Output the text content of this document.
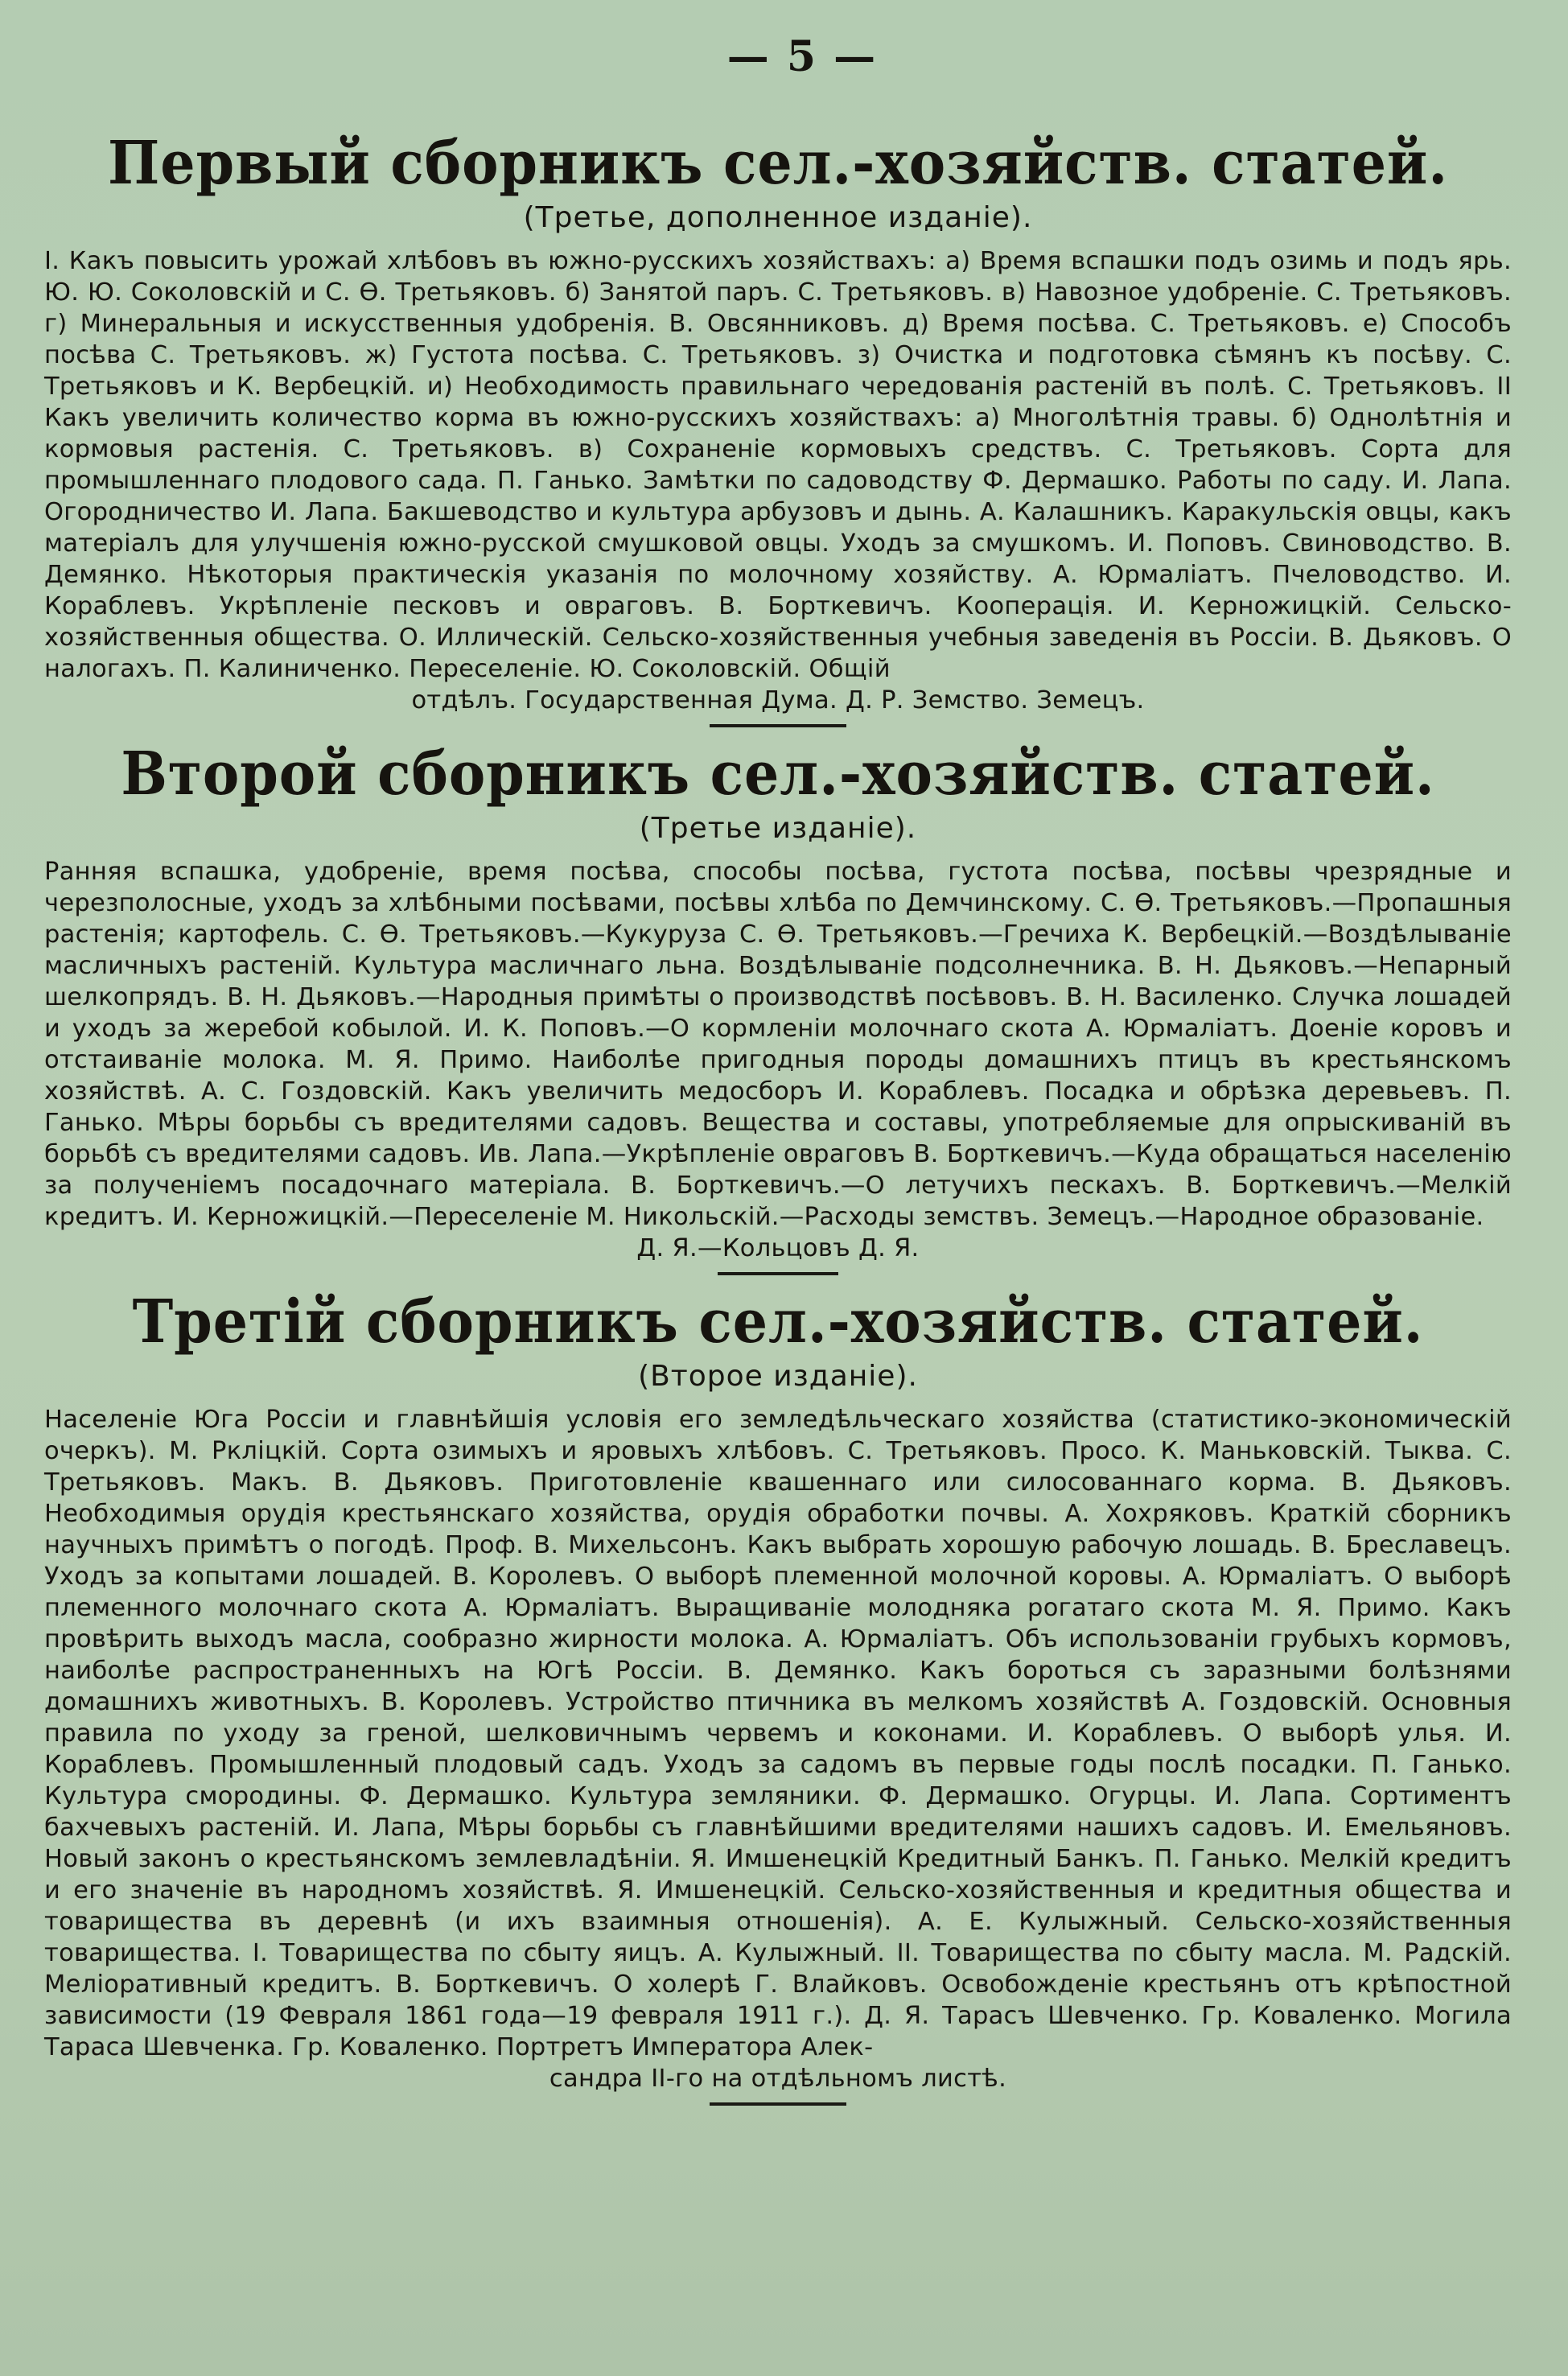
— 5 —
Первый сборникъ сел.-хозяйств. статей.
(Третье, дополненное изданіе).

I. Какъ повысить урожай хлѣбовъ въ южно-русскихъ хозяйствахъ: а) Время вспашки подъ озимь и подъ ярь. Ю. Ю. Соколовскій и С. Ѳ. Третьяковъ. б) Занятой паръ. С. Третьяковъ. в) Навозное удобреніе. С. Третьяковъ. г) Минеральныя и искусственныя удобренія. В. Овсянниковъ. д) Время посѣва. С. Третьяковъ. е) Способъ посѣва С. Третьяковъ. ж) Густота посѣва. С. Третьяковъ. з) Очистка и подготовка сѣмянъ къ посѣву. С. Третьяковъ и К. Вербецкій. и) Необходимость правильнаго чередованія растеній въ полѣ. С. Третьяковъ. II Какъ увеличить количество корма въ южно-русскихъ хозяйствахъ: а) Многолѣтнія травы. б) Однолѣтнія и кормовыя растенія. С. Третьяковъ. в) Сохраненіе кормовыхъ средствъ. С. Третьяковъ. Сорта для промышленнаго плодового сада. П. Ганько. Замѣтки по садоводству Ф. Дермашко. Работы по саду. И. Лапа. Огородничество И. Лапа. Бакшеводство и культура арбузовъ и дынь. А. Калашникъ. Каракульскія овцы, какъ матеріалъ для улучшенія южно-русской смушковой овцы. Уходъ за смушкомъ. И. Поповъ. Свиноводство. В. Демянко. Нѣкоторыя практическія указанія по молочному хозяйству. А. Юрмаліатъ. Пчеловодство. И. Кораблевъ. Укрѣпленіе песковъ и овраговъ. В. Борткевичъ. Кооперація. И. Керножицкій. Сельско-хозяйственныя общества. О. Иллическій. Сельско-хозяйственныя учебныя заведенія въ Россіи. В. Дьяковъ. О налогахъ. П. Калиниченко. Переселеніе. Ю. Соколовскій. Общій

отдѣлъ. Государственная Дума. Д. Р. Земство. Земецъ.

Второй сборникъ сел.-хозяйств. статей.
(Третье изданіе).

Ранняя вспашка, удобреніе, время посѣва, способы посѣва, густота посѣва, посѣвы чрезрядные и черезполосные, уходъ за хлѣбными посѣвами, посѣвы хлѣба по Демчинскому. С. Ѳ. Третьяковъ.—Пропашныя растенія; картофель. С. Ѳ. Третьяковъ.—Кукуруза С. Ѳ. Третьяковъ.—Гречиха К. Вербецкій.—Воздѣлываніе масличныхъ растеній. Культура масличнаго льна. Воздѣлываніе подсолнечника. В. Н. Дьяковъ.—Непарный шелкопрядъ. В. Н. Дьяковъ.—Народныя примѣты о производствѣ посѣвовъ. В. Н. Василенко. Случка лошадей и уходъ за жеребой кобылой. И. К. Поповъ.—О кормленіи молочнаго скота А. Юрмаліатъ. Доеніе коровъ и отстаиваніе молока. М. Я. Примо. Наиболѣе пригодныя породы домашнихъ птицъ въ крестьянскомъ хозяйствѣ. А. С. Гоздовскій. Какъ увеличить медосборъ И. Кораблевъ. Посадка и обрѣзка деревьевъ. П. Ганько. Мѣры борьбы съ вредителями садовъ. Вещества и составы, употребляемые для опрыскиваній въ борьбѣ съ вредителями садовъ. Ив. Лапа.—Укрѣпленіе овраговъ В. Борткевичъ.—Куда обращаться населенію за полученіемъ посадочнаго матеріала. В. Борткевичъ.—О летучихъ пескахъ. В. Борткевичъ.—Мелкій кредитъ. И. Керножицкій.—Переселеніе М. Никольскій.—Расходы земствъ. Земецъ.—Народное образованіе.

Д. Я.—Кольцовъ Д. Я.

Третій сборникъ сел.-хозяйств. статей.
(Второе изданіе).

Населеніе Юга Россіи и главнѣйшія условія его земледѣльческаго хозяйства (статистико-экономическій очеркъ). М. Ркліцкій. Сорта озимыхъ и яровыхъ хлѣбовъ. С. Третьяковъ. Просо. К. Маньковскій. Тыква. С. Третьяковъ. Макъ. В. Дьяковъ. Приготовленіе квашеннаго или силосованнаго корма. В. Дьяковъ. Необходимыя орудія крестьянскаго хозяйства, орудія обработки почвы. А. Хохряковъ. Краткій сборникъ научныхъ примѣтъ о погодѣ. Проф. В. Михельсонъ. Какъ выбрать хорошую рабочую лошадь. В. Бреславецъ. Уходъ за копытами лошадей. В. Королевъ. О выборѣ племенной молочной коровы. А. Юрмаліатъ. О выборѣ племенного молочнаго скота А. Юрмаліатъ. Выращиваніе молодняка рогатаго скота М. Я. Примо. Какъ провѣрить выходъ масла, сообразно жирности молока. А. Юрмаліатъ. Объ использованіи грубыхъ кормовъ, наиболѣе распространенныхъ на Югѣ Россіи. В. Демянко. Какъ бороться съ заразными болѣзнями домашнихъ животныхъ. В. Королевъ. Устройство птичника въ мелкомъ хозяйствѣ А. Гоздовскій. Основныя правила по уходу за греной, шелковичнымъ червемъ и коконами. И. Кораблевъ. О выборѣ улья. И. Кораблевъ. Промышленный плодовый садъ. Уходъ за садомъ въ первые годы послѣ посадки. П. Ганько. Культура смородины. Ф. Дермашко. Культура земляники. Ф. Дермашко. Огурцы. И. Лапа. Сортиментъ бахчевыхъ растеній. И. Лапа, Мѣры борьбы съ главнѣйшими вредителями нашихъ садовъ. И. Емельяновъ. Новый законъ о крестьянскомъ землевладѣніи. Я. Имшенецкій Кредитный Банкъ. П. Ганько. Мелкій кредитъ и его значеніе въ народномъ хозяйствѣ. Я. Имшенецкій. Сельско-хозяйственныя и кредитныя общества и товарищества въ деревнѣ (и ихъ взаимныя отношенія). А. Е. Кулыжный. Сельско-хозяйственныя товарищества. I. Товарищества по сбыту яицъ. А. Кулыжный. II. Товарищества по сбыту масла. М. Радскій. Меліоративный кредитъ. В. Борткевичъ. О холерѣ Г. Влайковъ. Освобожденіе крестьянъ отъ крѣпостной зависимости (19 Февраля 1861 года—19 февраля 1911 г.). Д. Я. Тарасъ Шевченко. Гр. Коваленко. Могила Тараса Шевченка. Гр. Коваленко. Портретъ Императора Алек-

сандра II-го на отдѣльномъ листѣ.
